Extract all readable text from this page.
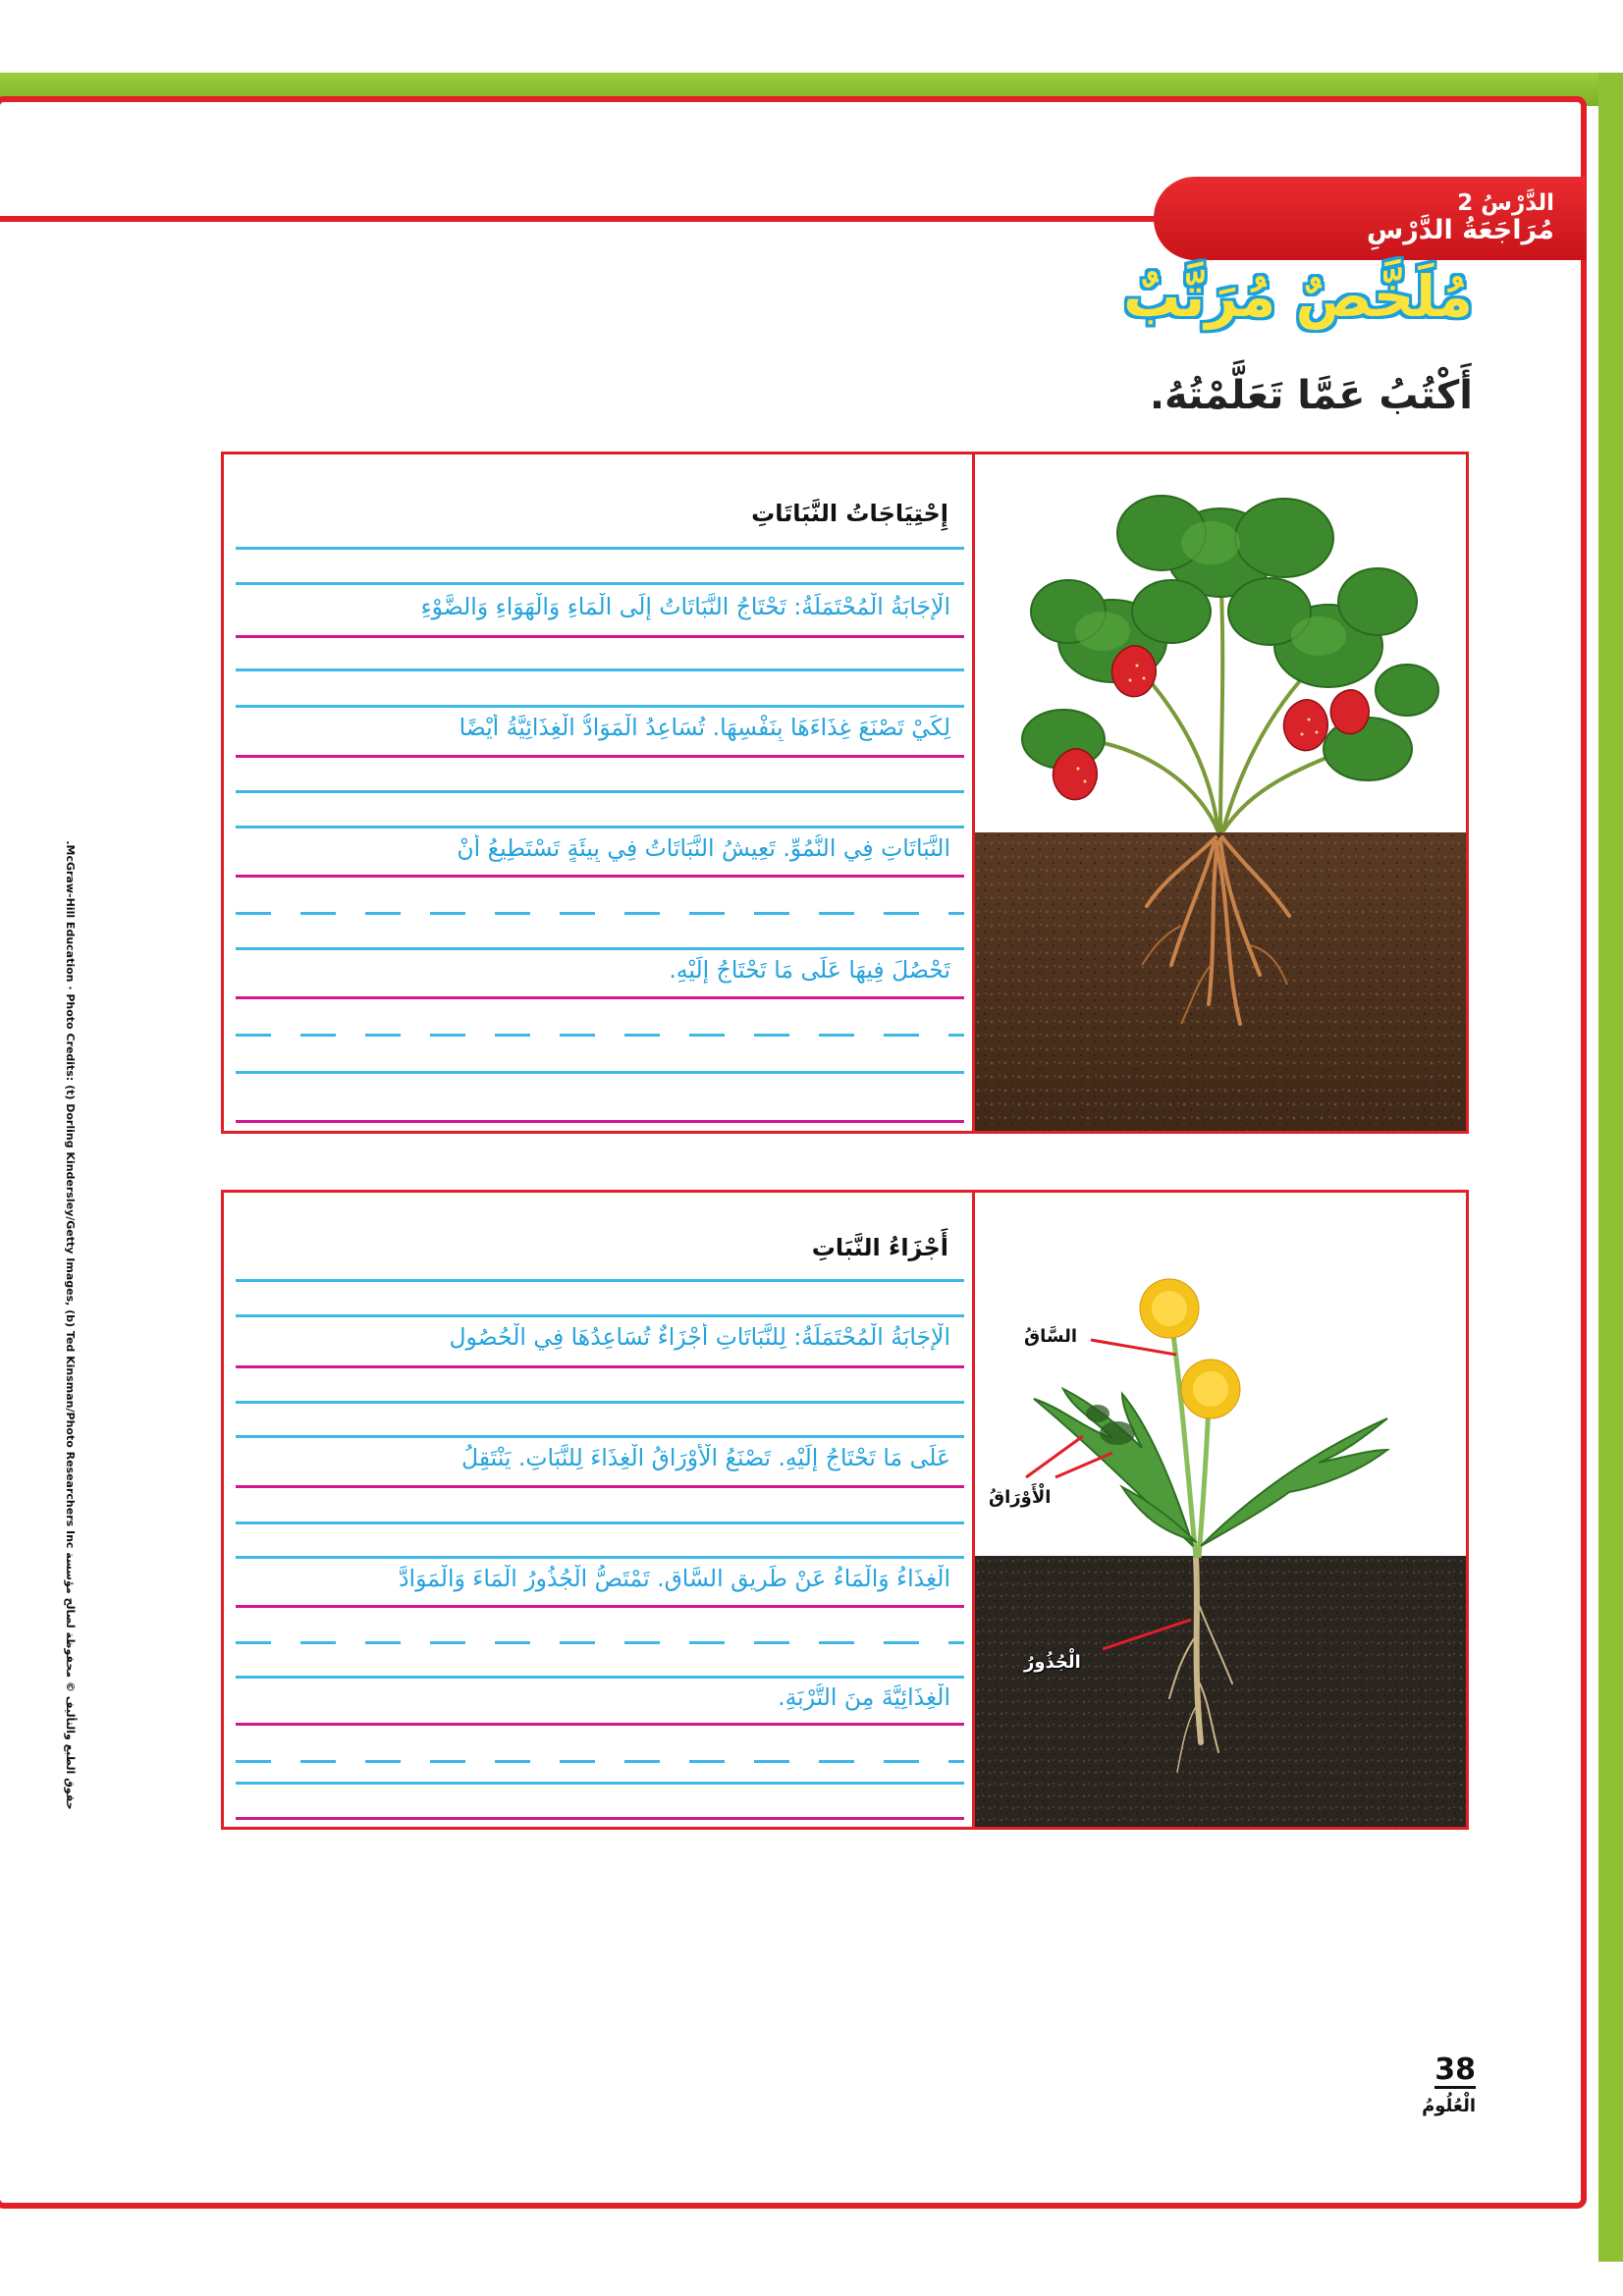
الدَّرْسُ 2
مُرَاجَعَةُ الدَّرْسِ
مُلَخَّصٌ مُرَتَّبٌ
أَكْتُبُ عَمَّا تَعَلَّمْتُهُ.
حقوق الطبع والتأليف © محفوظة لصالح مؤسسة McGraw-Hill Education · Photo Credits: (t) Dorling Kindersley/Getty Images, (b) Ted Kinsman/Photo Researchers Inc.
إِحْتِيَاجَاتُ النَّبَاتَاتِ
الْإِجَابَةُ الْمُحْتَمَلَةُ: تَحْتَاجُ النَّبَاتَاتُ إِلَى الْمَاءِ وَالْهَوَاءِ وَالضَّوْءِ
لِكَيْ تَصْنَعَ غِذَاءَهَا بِنَفْسِهَا. تُسَاعِدُ الْمَوَادُّ الْغِذَائِيَّةُ أَيْضًا
النَّبَاتَاتِ فِي النُّمُوِّ. تَعِيشُ النَّبَاتَاتُ فِي بِيئَةٍ تَسْتَطِيعُ أَنْ
تَحْصُلَ فِيهَا عَلَى مَا تَحْتَاجُ إِلَيْهِ.
أَجْزَاءُ النَّبَاتِ
الْإِجَابَةُ الْمُحْتَمَلَةُ: لِلنَّبَاتَاتِ أَجْزَاءٌ تُسَاعِدُهَا فِي الْحُصُولِ
عَلَى مَا تَحْتَاجُ إِلَيْهِ. تَصْنَعُ الْأَوْرَاقُ الْغِذَاءَ لِلنَّبَاتِ. يَنْتَقِلُ
الْغِذَاءُ وَالْمَاءُ عَنْ طَرِيقِ السَّاقِ. تَمْتَصُّ الْجُذُورُ الْمَاءَ وَالْمَوَادَّ
الْغِذَائِيَّةَ مِنَ التُّرْبَةِ.
السَّاقُ
الْأَوْرَاقُ
الْجُذُورُ
38
الْعُلُومُ
